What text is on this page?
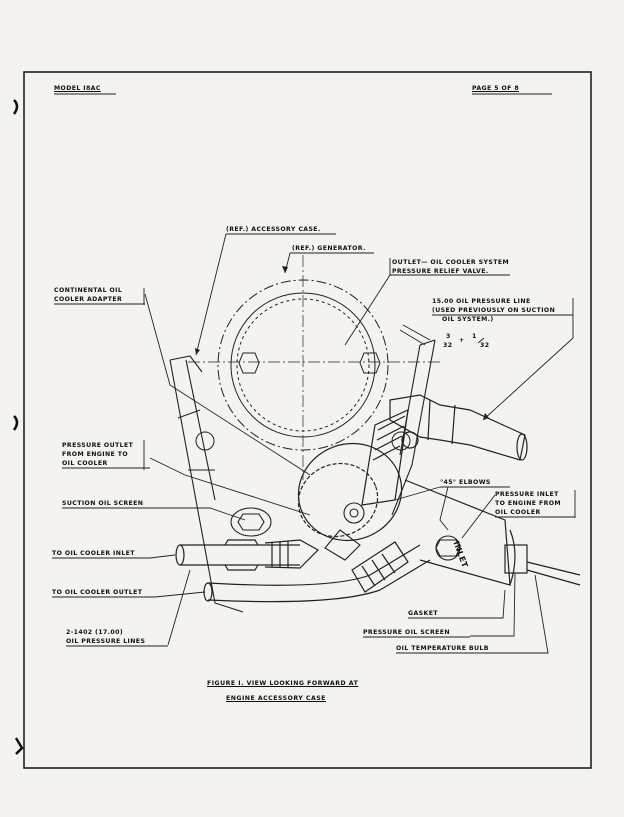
MODEL I8AC	PAGE 5 OF 8
(REF.) ACCESSORY CASE.
(REF.) GENERATOR.
OUTLET— OIL COOLER SYSTEM
PRESSURE RELIEF VALVE.
CONTINENTAL OIL
COOLER ADAPTER	15.00 OIL PRESSURE LINE
(USED PREVIOUSLY ON SUCTION
OIL SYSTEM.)
3
32
+
1
32
PRESSURE OUTLET
FROM ENGINE TO
OIL COOLER
°45° ELBOWS
PRESSURE INLET
TO ENGINE FROM
OIL COOLER
SUCTION OIL SCREEN
TO OIL COOLER INLET
TO OIL COOLER OUTLET
INLET
GASKET
PRESSURE OIL SCREEN
OIL TEMPERATURE BULB
2-1402 (17.00)
OIL PRESSURE LINES
FIGURE I. VIEW LOOKING FORWARD AT
ENGINE ACCESSORY CASE
